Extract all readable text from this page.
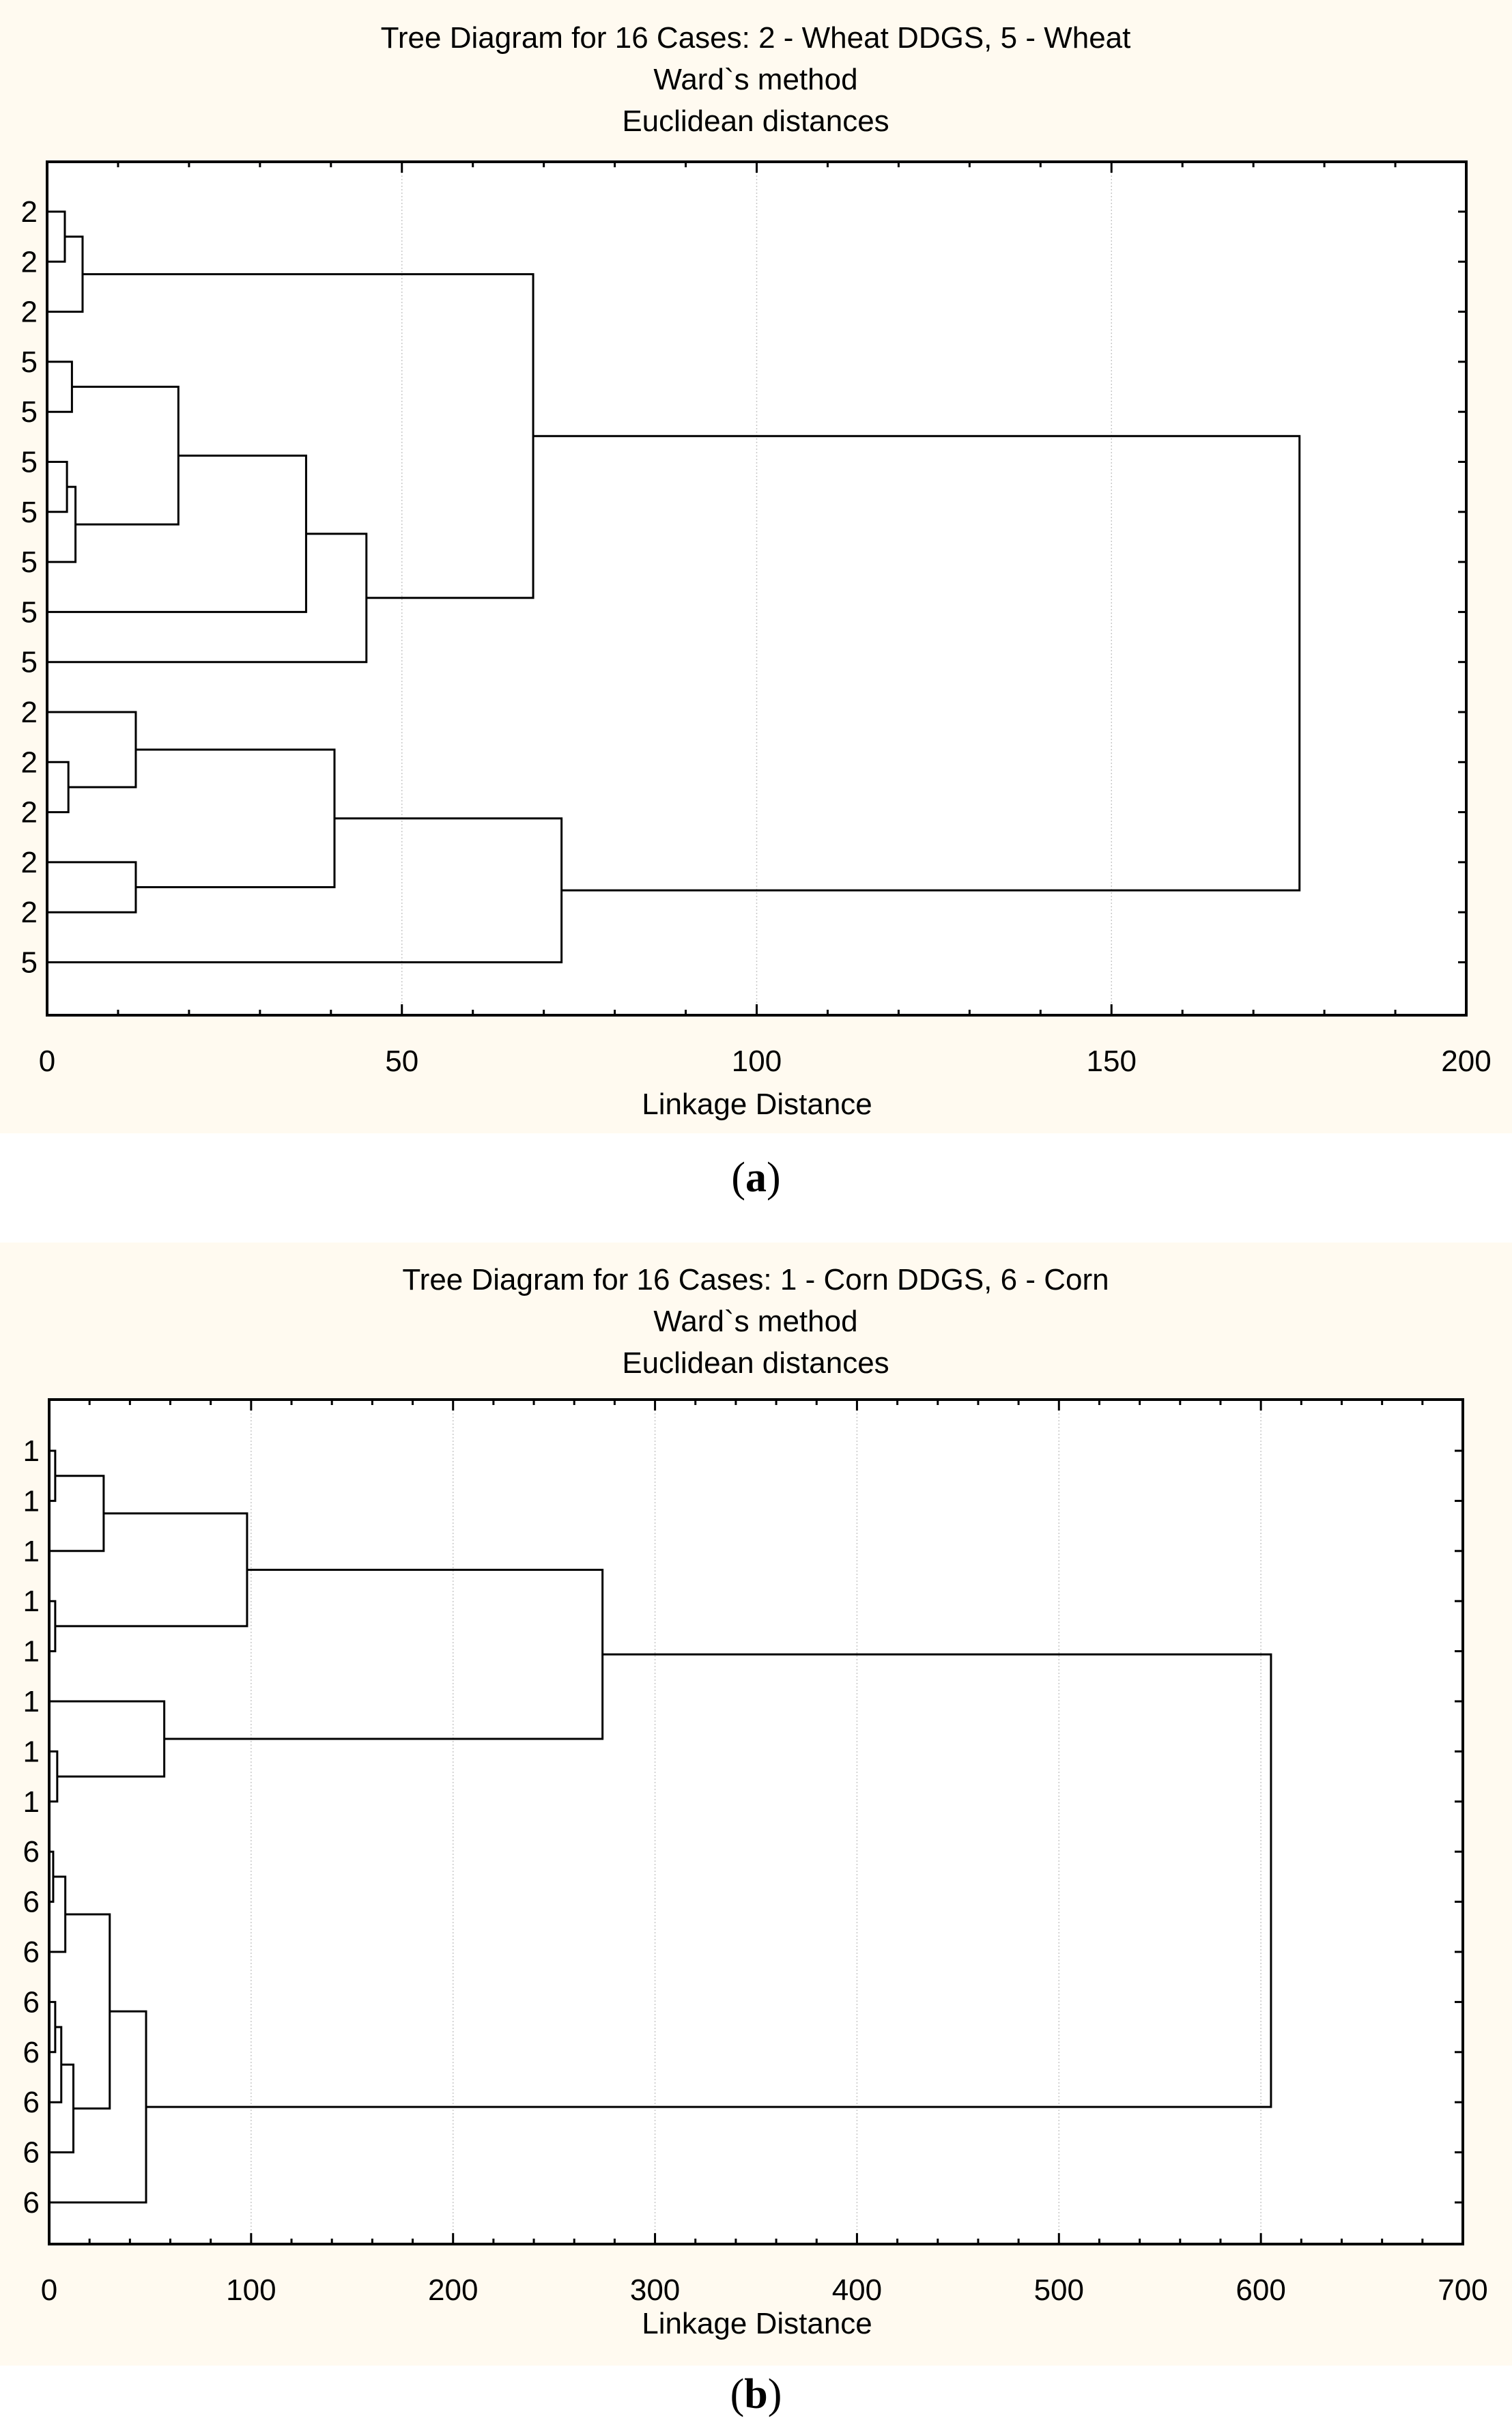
Tree Diagram for 16 Cases: 2 - Wheat DDGS, 5 - Wheat
Ward`s method
Euclidean distances
Linkage Distance
0	50	100	150	200
2
2
2
5
5
5
5
5
5
5
2
2
2
2
2
5
(a)
Tree Diagram for 16 Cases: 1 - Corn DDGS, 6 - Corn
Ward`s method
Euclidean distances
Linkage Distance
0	100	200	300	400	500	600	700
1
1
1
1
1
1
1
1
6
6
6
6
6
6
6
6
(b)
